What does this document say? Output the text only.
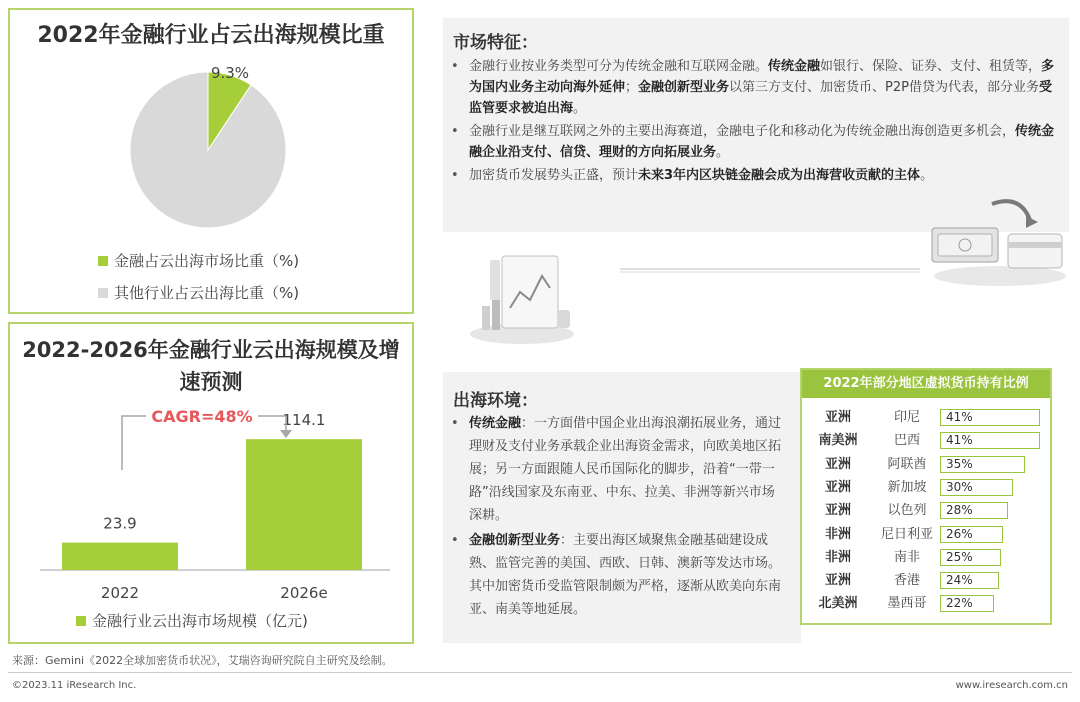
2022年金融行业占云出海规模比重
9.3%
金融占云出海市场比重（%)
其他行业占云出海比重（%)
2022-2026年金融行业云出海规模及增速预测
23.9
2022
114.1
2026e
CAGR=48%
金融行业云出海市场规模（亿元)
市场特征：
• 金融行业按业务类型可分为传统金融和互联网金融。传统金融如银行、保险、证券、支付、租赁等，多为国内业务主动向海外延伸；金融创新型业务以第三方支付、加密货币、P2P借贷为代表，部分业务受监管要求被迫出海。
• 金融行业是继互联网之外的主要出海赛道，金融电子化和移动化为传统金融出海创造更多机会，传统金融企业沿支付、信贷、理财的方向拓展业务。
• 加密货币发展势头正盛，预计未来3年内区块链金融会成为出海营收贡献的主体。
出海环境：
• 传统金融：一方面借中国企业出海浪潮拓展业务，通过理财及支付业务承载企业出海资金需求，向欧美地区拓展；另一方面跟随人民币国际化的脚步，沿着“一带一路”沿线国家及东南亚、中东、拉美、非洲等新兴市场深耕。
• 金融创新型业务：主要出海区域聚焦金融基础建设成熟、监管完善的美国、西欧、日韩、澳新等发达市场。其中加密货币受监管限制颇为严格，逐渐从欧美向东南亚、南美等地延展。
2022年部分地区虚拟货币持有比例
亚洲	印尼	41%
南美洲	巴西	41%
亚洲	阿联酋	35%
亚洲	新加坡	30%
亚洲	以色列	28%
非洲	尼日利亚	26%
非洲	南非	25%
亚洲	香港	24%
北美洲	墨西哥	22%
来源：Gemini《2022全球加密货币状况》，艾瑞咨询研究院自主研究及绘制。
©2023.11 iResearch Inc.	www.iresearch.com.cn
